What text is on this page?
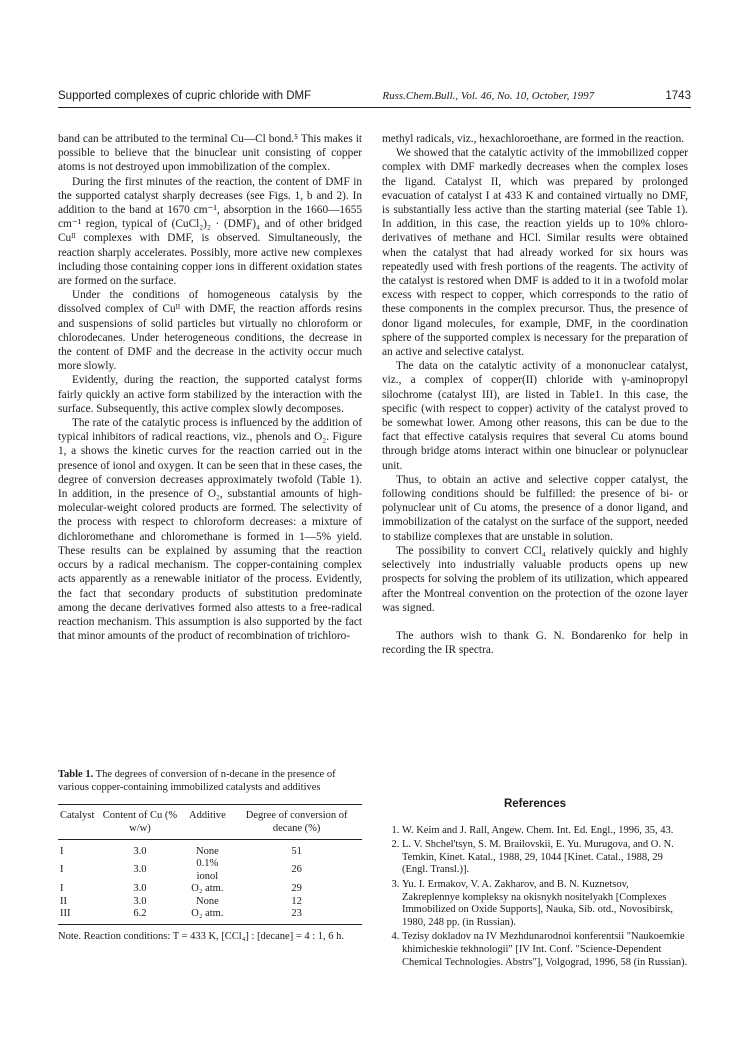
Supported complexes of cupric chloride with DMF	Russ.Chem.Bull., Vol. 46, No. 10, October, 1997	1743

band can be attributed to the terminal Cu—Cl bond.⁵ This makes it possible to believe that the binuclear unit consisting of copper atoms is not destroyed upon immobilization of the complex.

During the first minutes of the reaction, the content of DMF in the supported catalyst sharply decreases (see Figs. 1, b and 2). In addition to the band at 1670 cm⁻¹, absorption in the 1660—1655 cm⁻¹ region, typical of (CuCl₂)₂ · (DMF)₄ and of other bridged Cuᴵᴵ complexes with DMF, is observed. Simultaneously, the reaction sharply accelerates. Possibly, more active new complexes including those containing copper ions in different oxidation states are formed on the surface.

Under the conditions of homogeneous catalysis by the dissolved complex of Cuᴵᴵ with DMF, the reaction affords resins and suspensions of solid particles but virtually no chloroform or chlorodecanes. Under heterogeneous conditions, the decrease in the content of DMF and the decrease in the activity occur much more slowly.

Evidently, during the reaction, the supported catalyst forms fairly quickly an active form stabilized by the interaction with the surface. Subsequently, this active complex slowly decomposes.

The rate of the catalytic process is influenced by the addition of typical inhibitors of radical reactions, viz., phenols and O₂. Figure 1, a shows the kinetic curves for the reaction carried out in the presence of ionol and oxygen. It can be seen that in these cases, the degree of conversion decreases approximately twofold (Table 1). In addition, in the presence of O₂, substantial amounts of high-molecular-weight colored products are formed. The selectivity of the process with respect to chloroform decreases: a mixture of dichloromethane and chloromethane is formed in 1—5% yield. These results can be explained by assuming that the reaction occurs by a radical mechanism. The copper-containing complex acts apparently as a renewable initiator of the process. Evidently, the fact that secondary products of substitution predominate among the decane derivatives formed also attests to a free-radical reaction mechanism. This assumption is also supported by the fact that minor amounts of the product of recombination of trichloro-

methyl radicals, viz., hexachloroethane, are formed in the reaction.

We showed that the catalytic activity of the immobilized copper complex with DMF markedly decreases when the complex loses the ligand. Catalyst II, which was prepared by prolonged evacuation of catalyst I at 433 K and contained virtually no DMF, is substantially less active than the starting material (see Table 1). In addition, in this case, the reaction yields up to 10% chloro-derivatives of methane and HCl. Similar results were obtained when the catalyst that had already worked for six hours was repeatedly used with fresh portions of the reagents. The activity of the catalyst is restored when DMF is added to it in a twofold molar excess with respect to copper, which corresponds to the ratio of these components in the complex precursor. Thus, the presence of donor ligand molecules, for example, DMF, in the coordination sphere of the supported complex is necessary for the preparation of an active and selective catalyst.

The data on the catalytic activity of a mononuclear catalyst, viz., a complex of copper(II) chloride with γ-aminopropyl silochrome (catalyst III), are listed in Table1. In this case, the specific (with respect to copper) activity of the catalyst proved to be somewhat lower. Among other reasons, this can be due to the fact that effective catalysis requires that several Cu atoms bound through bridge atoms interact within one binuclear or polynuclear unit.

Thus, to obtain an active and selective copper catalyst, the following conditions should be fulfilled: the presence of bi- or polynuclear unit of Cu atoms, the presence of a donor ligand, and immobilization of the catalyst on the surface of the support, needed to stabilize complexes that are unstable in solution.

The possibility to convert CCl₄ relatively quickly and highly selectively into industrially valuable products opens up new prospects for solving the problem of its utilization, which appeared after the Montreal convention on the protection of the ozone layer was signed.

The authors wish to thank G. N. Bondarenko for help in recording the IR spectra.

Table 1. The degrees of conversion of n-decane in the presence of various copper-containing immobilized catalysts and additives
Catalyst	Content of Cu (% w/w)	Additive	Degree of conversion of decane (%)

I	3.0	None	51
I	3.0	0.1% ionol	26
I	3.0	O₂ atm.	29
II	3.0	None	12
III	6.2	O₂ atm.	23
Note. Reaction conditions: T = 433 K, [CCl₄] : [decane] = 4 : 1, 6 h.
References
1. W. Keim and J. Rall, Angew. Chem. Int. Ed. Engl., 1996, 35, 43.
2. L. V. Shchel'tsyn, S. M. Brailovskii, E. Yu. Murugova, and O. N. Temkin, Kinet. Katal., 1988, 29, 1044 [Kinet. Catal., 1988, 29 (Engl. Transl.)].
3. Yu. I. Ermakov, V. A. Zakharov, and B. N. Kuznetsov, Zakreplennye kompleksy na okisnykh nositelyakh [Complexes Immobilized on Oxide Supports], Nauka, Sib. otd., Novosibirsk, 1980, 248 pp. (in Russian).
4. Tezisy dokladov na IV Mezhdunarodnoi konferentsii "Naukoemkie khimicheskie tekhnologii" [IV Int. Conf. "Science-Dependent Chemical Technologies. Abstrs"], Volgograd, 1996, 58 (in Russian).
